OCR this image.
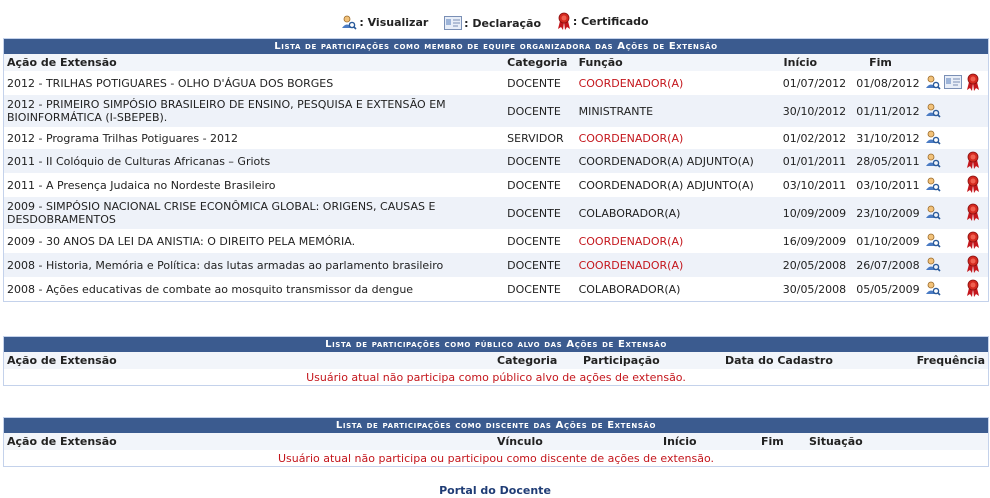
: Visualizar
	: Declaração
	: Certificado
Lista de participações como membro de equipe organizadora das Ações de Extensão
Ação de Extensão	Categoria	Função	Início	Fim	
2012 - TRILHAS POTIGUARES - OLHO D'ÁGUA DOS BORGES	DOCENTE	COORDENADOR(A)	01/07/2012	01/08/2012	
2012 - PRIMEIRO SIMPÓSIO BRASILEIRO DE ENSINO, PESQUISA E EXTENSÃO EM BIOINFORMÁTICA (I-SBEPEB).	DOCENTE	MINISTRANTE	30/10/2012	01/11/2012	
2012 - Programa Trilhas Potiguares - 2012	SERVIDOR	COORDENADOR(A)	01/02/2012	31/10/2012	
2011 - II Colóquio de Culturas Africanas – Griots	DOCENTE	COORDENADOR(A) ADJUNTO(A)	01/01/2011	28/05/2011	
2011 - A Presença Judaica no Nordeste Brasileiro	DOCENTE	COORDENADOR(A) ADJUNTO(A)	03/10/2011	03/10/2011	
2009 - SIMPÓSIO NACIONAL CRISE ECONÔMICA GLOBAL: ORIGENS, CAUSAS E DESDOBRAMENTOS	DOCENTE	COLABORADOR(A)	10/09/2009	23/10/2009	
2009 - 30 ANOS DA LEI DA ANISTIA: O DIREITO PELA MEMÓRIA.	DOCENTE	COORDENADOR(A)	16/09/2009	01/10/2009	
2008 - Historia, Memória e Política: das lutas armadas ao parlamento brasileiro	DOCENTE	COORDENADOR(A)	20/05/2008	26/07/2008	
2008 - Ações educativas de combate ao mosquito transmissor da dengue	DOCENTE	COLABORADOR(A)	30/05/2008	05/05/2009	
Lista de participações como público alvo das Ações de Extensão
Ação de Extensão	Categoria	Participação	Data do Cadastro	Frequência
Usuário atual não participa como público alvo de ações de extensão.
Lista de participações como discente das Ações de Extensão
Ação de Extensão	Vínculo	Início	Fim	Situação
Usuário atual não participa ou participou como discente de ações de extensão.
Portal do Docente
